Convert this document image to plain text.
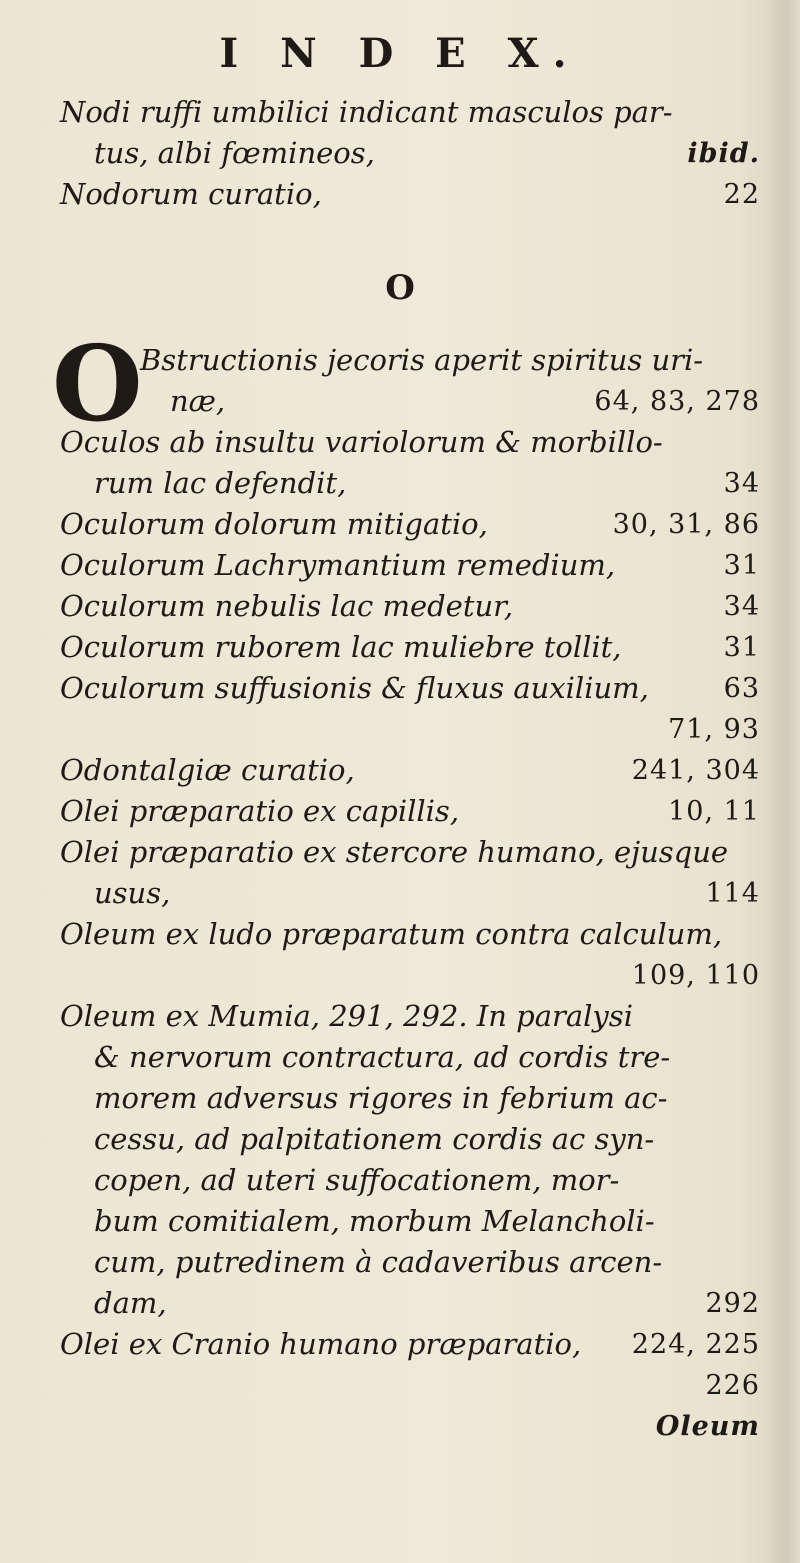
I N D E X.
Nodi ruffi umbilici indicant masculos par-
tus, albi fœmineos,	ibid.
Nodorum curatio,	22
O
O
Bstructionis jecoris aperit spiritus uri-
næ,	64, 83, 278
Oculos ab insultu variolorum & morbillo-
rum lac defendit,	34
Oculorum dolorum mitigatio,	30, 31, 86
Oculorum Lachrymantium remedium,	31
Oculorum nebulis lac medetur,	34
Oculorum ruborem lac muliebre tollit,	31
Oculorum suffusionis & fluxus auxilium,	63
71, 93
Odontalgiæ curatio,	241, 304
Olei præparatio ex capillis,	10, 11
Olei præparatio ex stercore humano, ejusque
usus,	114
Oleum ex ludo præparatum contra calculum,
109, 110
Oleum ex Mumia, 291, 292. In paralysi
& nervorum contractura, ad cordis tre-
morem adversus rigores in febrium ac-
cessu, ad palpitationem cordis ac syn-
copen, ad uteri suffocationem, mor-
bum comitialem, morbum Melancholi-
cum, putredinem à cadaveribus arcen-
dam,	292
Olei ex Cranio humano præparatio, 224, 225
226
Oleum
